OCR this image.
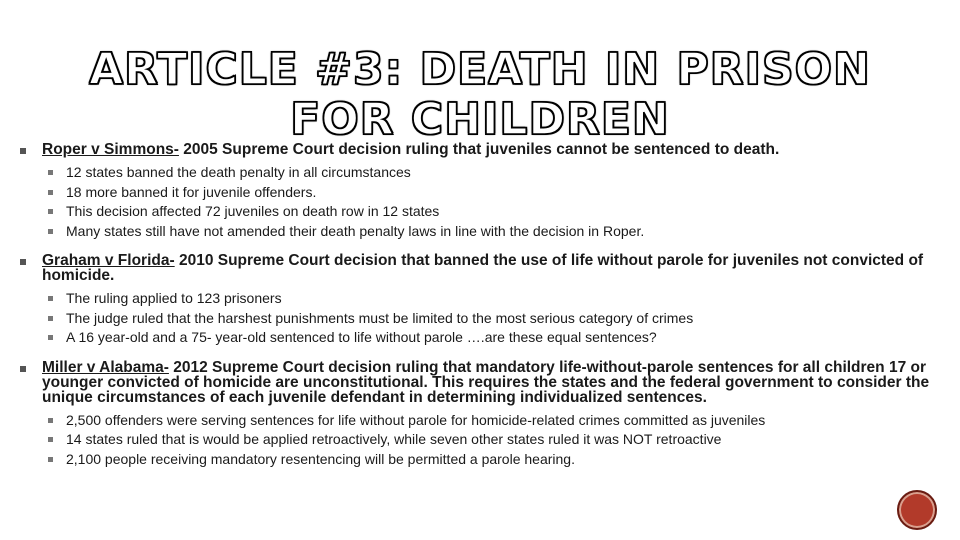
ARTICLE #3: DEATH IN PRISON
FOR CHILDREN

Roper v Simmons- 2005 Supreme Court decision ruling that juveniles cannot be sentenced to death.

12 states banned the death penalty in all circumstances
18 more banned it for juvenile offenders.
This decision affected 72 juveniles on death row in 12 states
Many states still have not amended their death penalty laws in line with the decision in Roper.

Graham v Florida- 2010 Supreme Court decision that banned the use of life without parole for juveniles not convicted of homicide.

The ruling applied to 123 prisoners
The judge ruled that the harshest punishments must be limited to the most serious category of crimes
A 16 year-old and a 75- year-old sentenced to life without parole ….are these equal sentences?

Miller v Alabama- 2012 Supreme Court decision ruling that mandatory life-without-parole sentences for all children 17 or younger convicted of homicide are unconstitutional. This requires the states and the federal government to consider the unique circumstances of each juvenile defendant in determining individualized sentences.

2,500 offenders were serving sentences for life without parole for homicide-related crimes committed as juveniles
14 states ruled that is would be applied retroactively, while seven other states ruled it was NOT retroactive
2,100 people receiving mandatory resentencing will be permitted a parole hearing.
